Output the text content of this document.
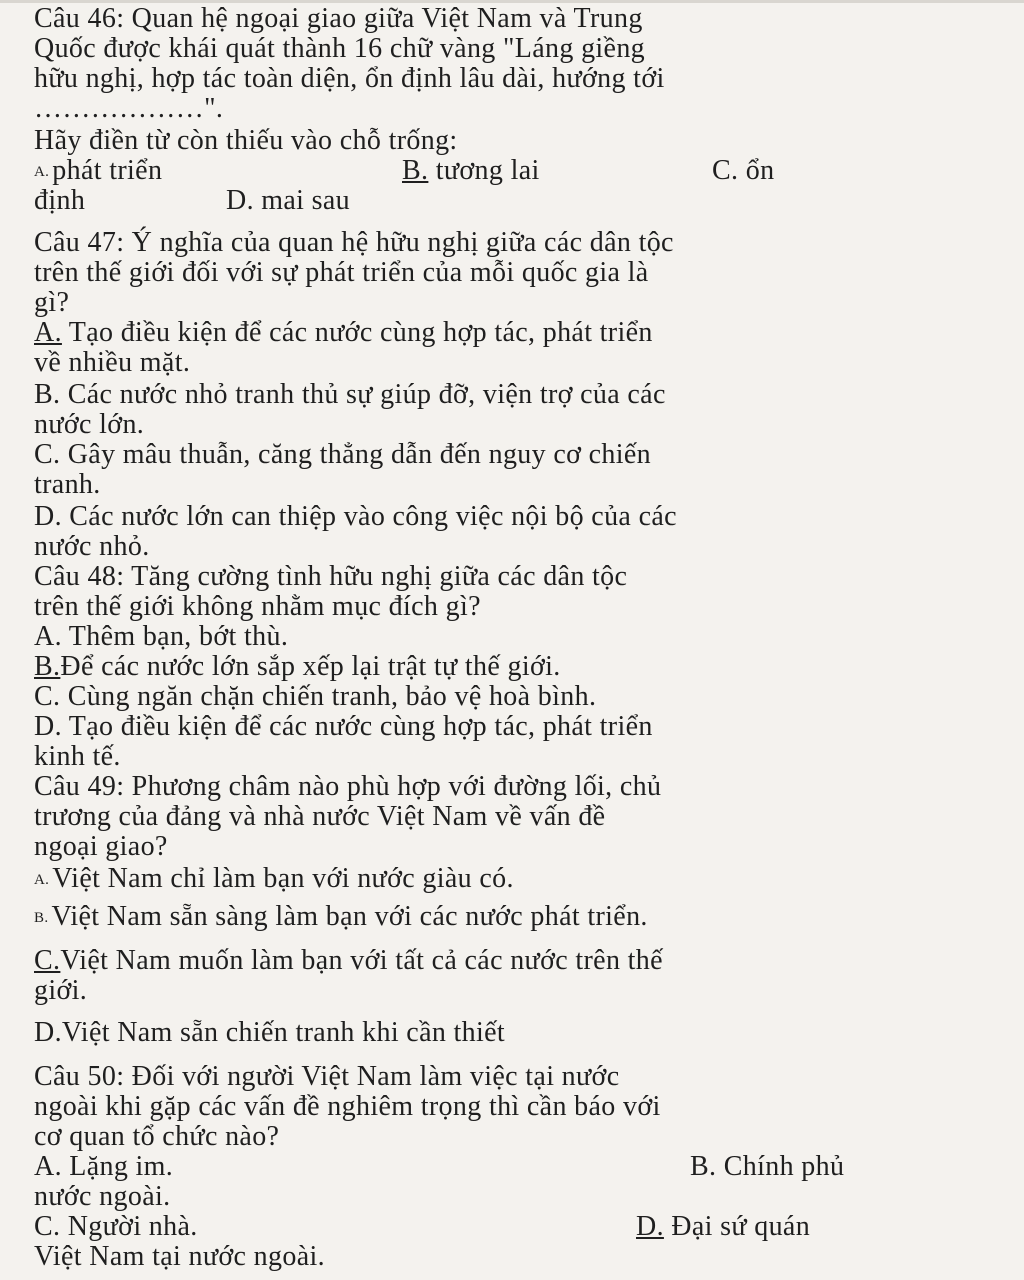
Câu 46: Quan hệ ngoại giao giữa Việt Nam và Trung
Quốc được khái quát thành 16 chữ vàng "Láng giềng
hữu nghị, hợp tác toàn diện, ổn định lâu dài, hướng tới
………………".
Hãy điền từ còn thiếu vào chỗ trống:
A. phát triển	B. tương lai	C. ổn
định	D. mai sau
Câu 47: Ý nghĩa của quan hệ hữu nghị giữa các dân tộc
trên thế giới đối với sự phát triển của mỗi quốc gia là
gì?
A. Tạo điều kiện để các nước cùng hợp tác, phát triển
về nhiều mặt.
B. Các nước nhỏ tranh thủ sự giúp đỡ, viện trợ của các
nước lớn.
C. Gây mâu thuẫn, căng thẳng dẫn đến nguy cơ chiến
tranh.
D. Các nước lớn can thiệp vào công việc nội bộ của các
nước nhỏ.
Câu 48: Tăng cường tình hữu nghị giữa các dân tộc
trên thế giới không nhằm mục đích gì?
A. Thêm bạn, bớt thù.
B.Để các nước lớn sắp xếp lại trật tự thế giới.
C. Cùng ngăn chặn chiến tranh, bảo vệ hoà bình.
D. Tạo điều kiện để các nước cùng hợp tác, phát triển
kinh tế.
Câu 49: Phương châm nào phù hợp với đường lối, chủ
trương của đảng và nhà nước Việt Nam về vấn đề
ngoại giao?
A. Việt Nam chỉ làm bạn với nước giàu có.
B. Việt Nam sẵn sàng làm bạn với các nước phát triển.
C.Việt Nam muốn làm bạn với tất cả các nước trên thế
giới.
D.Việt Nam sẵn chiến tranh khi cần thiết
Câu 50: Đối với người Việt Nam làm việc tại nước
ngoài khi gặp các vấn đề nghiêm trọng thì cần báo với
cơ quan tổ chức nào?
A. Lặng im.	B. Chính phủ
nước ngoài.
C. Người nhà.	D. Đại sứ quán
Việt Nam tại nước ngoài.
